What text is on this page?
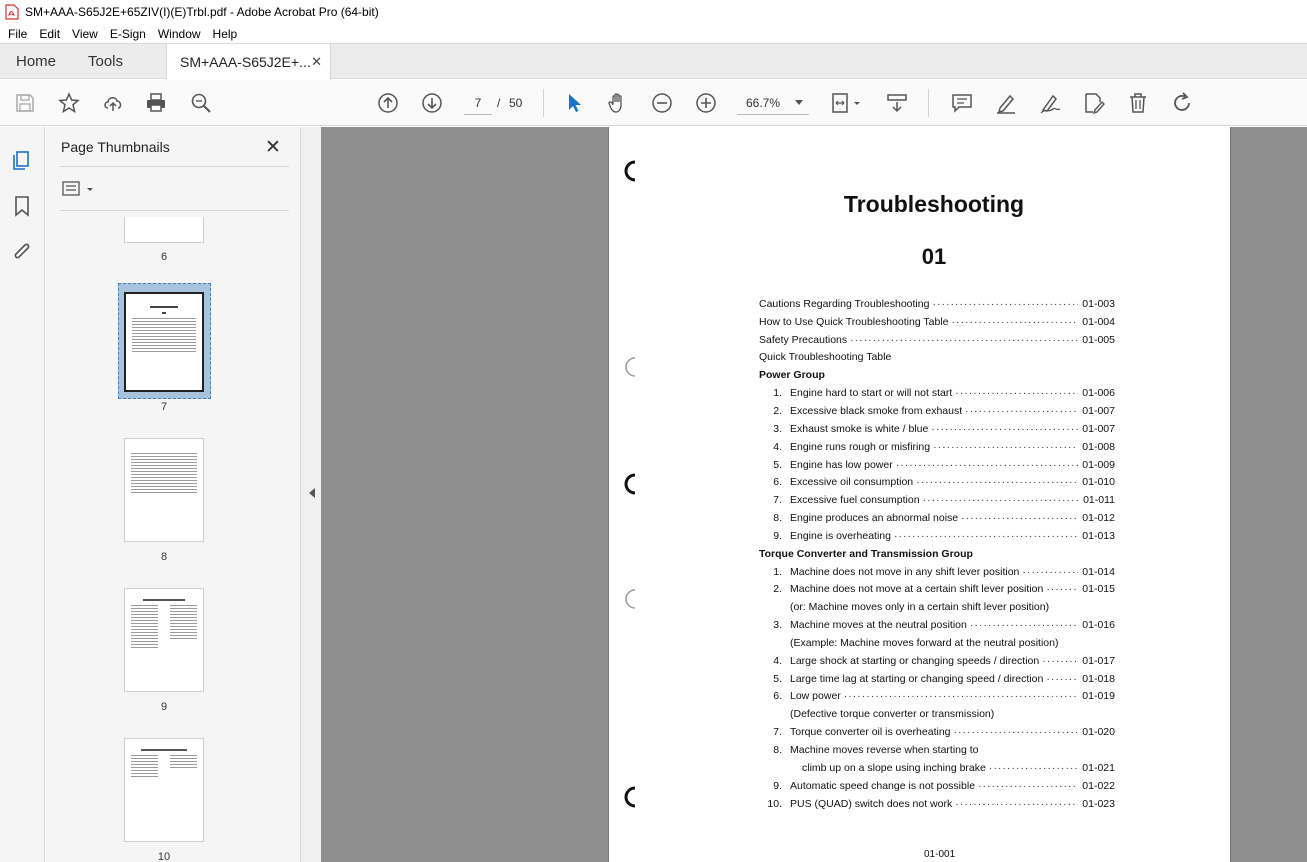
SM+AAA-S65J2E+65ZIV(I)(E)Trbl.pdf - Adobe Acrobat Pro (64-bit)
File	Edit	View	E-Sign	Window	Help
Home Tools	SM+AAA-S65J2E+... ✕
7
/ 50	66.7%
Page Thumbnails	✕
6
7
8
9
10
Troubleshooting
01
Cautions Regarding Troubleshooting ·····	01-003
How to Use Quick Troubleshooting Table ·····	01-004
Safety Precautions ·····	01-005
Quick Troubleshooting Table
Power Group
1. Engine hard to start or will not start ·····	01-006
2. Excessive black smoke from exhaust ·····	01-007
3. Exhaust smoke is white / blue ·····	01-007
4. Engine runs rough or misfiring ·····	01-008
5. Engine has low power ·····	01-009
6. Excessive oil consumption ·····	01-010
7. Excessive fuel consumption ·····	01-011
8. Engine produces an abnormal noise ·····	01-012
9. Engine is overheating ·····	01-013
Torque Converter and Transmission Group
1. Machine does not move in any shift lever position ·····	01-014
2. Machine does not move at a certain shift lever position ·····	01-015
(or: Machine moves only in a certain shift lever position)
3. Machine moves at the neutral position ·····	01-016
(Example: Machine moves forward at the neutral position)
4. Large shock at starting or changing speeds / direction ·····	01-017
5. Large time lag at starting or changing speed / direction ·····	01-018
6. Low power ·····	01-019
(Defective torque converter or transmission)
7. Torque converter oil is overheating ·····	01-020
8. Machine moves reverse when starting to
climb up on a slope using inching brake ·····	01-021
9. Automatic speed change is not possible ·····	01-022
10. PUS (QUAD) switch does not work ·····	01-023
01-001
